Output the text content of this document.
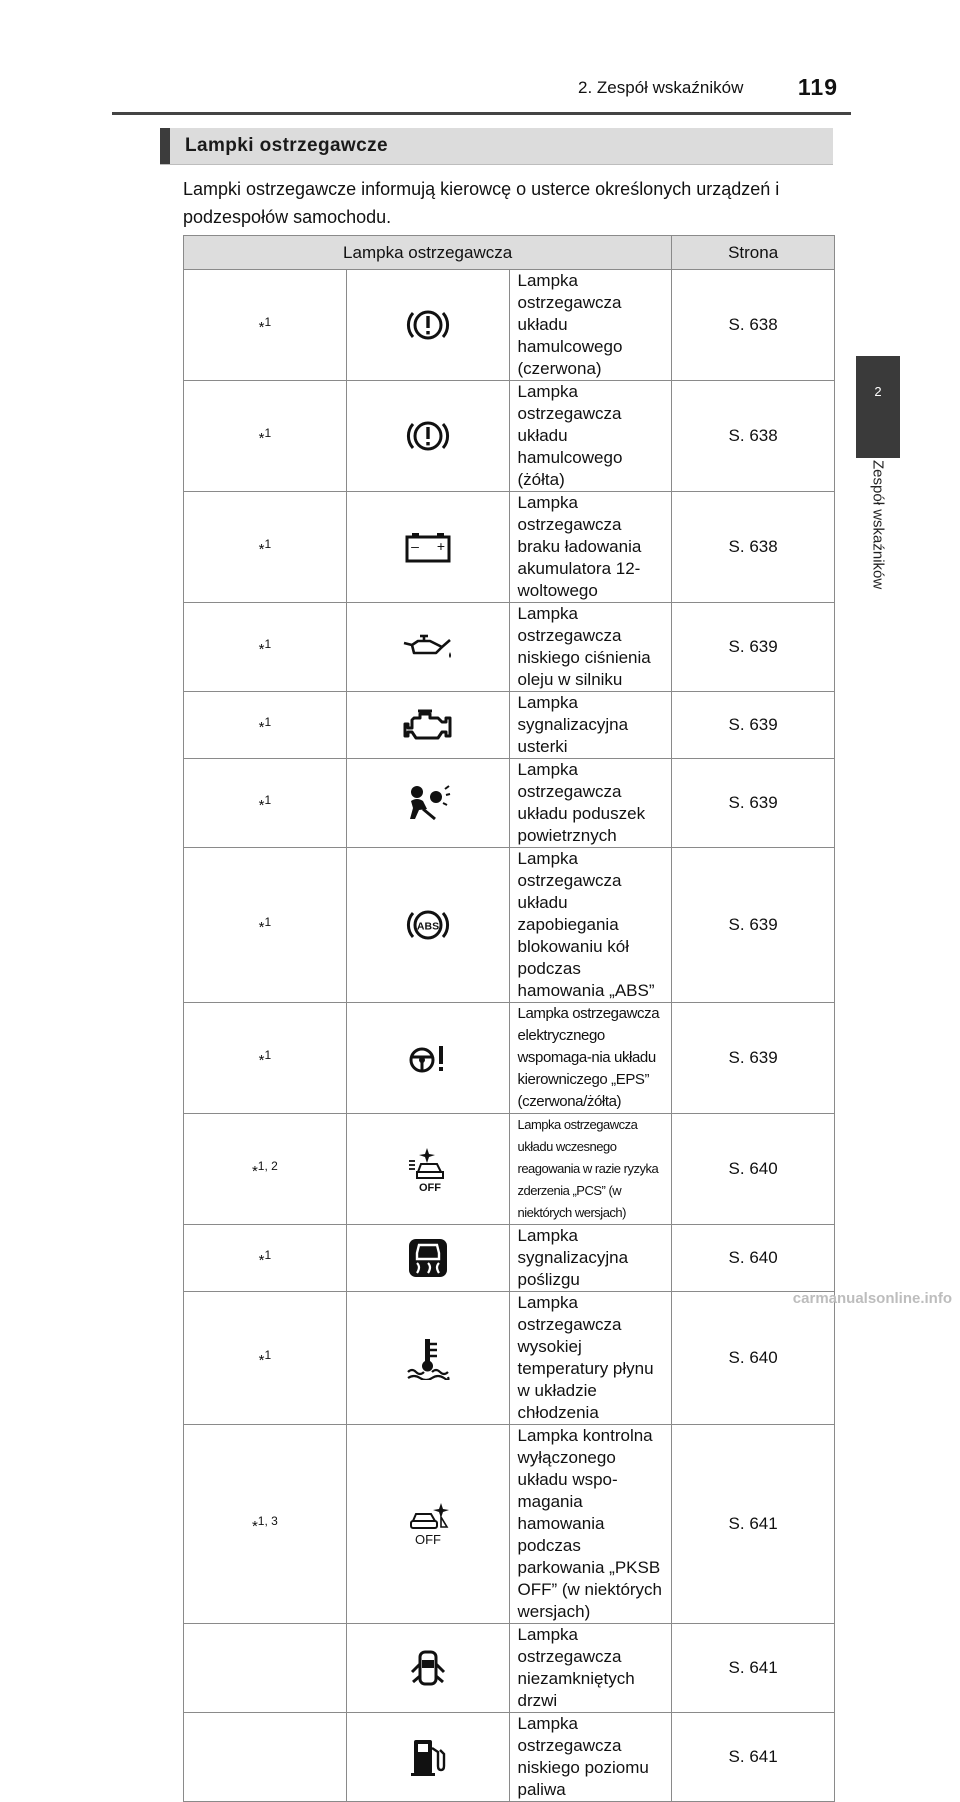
2. Zespół wskaźników 119
Lampki ostrzegawcze
Lampki ostrzegawcze informują kierowcę o usterce określonych urządzeń i podzespołów samochodu.
Lampka ostrzegawcza			Strona
*1		Lampka ostrzegawcza układu hamulcowego (czerwona)	S. 638
*1		Lampka ostrzegawcza układu hamulcowego (żółta)	S. 638
*1	– +	Lampka ostrzegawcza braku ładowania akumulatora 12-woltowego	S. 638
*1		Lampka ostrzegawcza niskiego ciśnienia oleju w silniku	S. 639
*1		Lampka sygnalizacyjna usterki	S. 639
*1		Lampka ostrzegawcza układu poduszek powietrznych	S. 639
*1	ABS	Lampka ostrzegawcza układu zapobiegania blokowaniu kół podczas hamowania „ABS”	S. 639
*1		Lampka ostrzegawcza elektrycznego wspomaga-nia układu kierowniczego „EPS” (czerwona/żółta)	S. 639
*1, 2	OFF	Lampka ostrzegawcza układu wczesnego reagowania w razie ryzyka zderzenia „PCS” (w niektórych wersjach)	S. 640
*1		Lampka sygnalizacyjna poślizgu	S. 640
*1		Lampka ostrzegawcza wysokiej temperatury płynu w układzie chłodzenia	S. 640
*1, 3	OFF	Lampka kontrolna wyłączonego układu wspo-magania hamowania podczas parkowania „PKSB OFF” (w niektórych wersjach)	S. 641

	Lampka ostrzegawcza niezamkniętych drzwi	S. 641

	Lampka ostrzegawcza niskiego poziomu paliwa	S. 641
2
Zespół wskaźników
carmanualsonline.info
